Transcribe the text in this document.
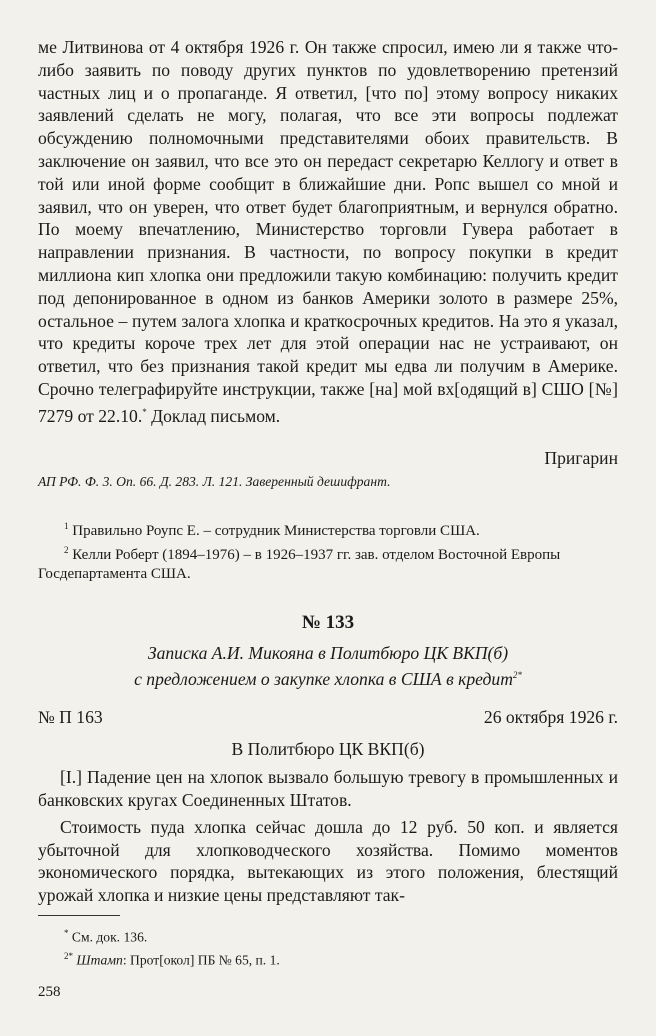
ме Литвинова от 4 октября 1926 г. Он также спросил, имею ли я также что-либо заявить по поводу других пунктов по удовлетворению претензий частных лиц и о пропаганде. Я ответил, [что по] этому вопросу никаких заявлений сделать не могу, полагая, что все эти вопросы подлежат обсуждению полномочными представителями обоих правительств. В заключение он заявил, что все это он передаст секретарю Келлогу и ответ в той или иной форме сообщит в ближайшие дни. Ропс вышел со мной и заявил, что он уверен, что ответ будет благоприятным, и вернулся обратно. По моему впечатлению, Министерство торговли Гувера работает в направлении признания. В частности, по вопросу покупки в кредит миллиона кип хлопка они предложили такую комбинацию: получить кредит под депонированное в одном из банков Америки золото в размере 25%, остальное – путем залога хлопка и краткосрочных кредитов. На это я указал, что кредиты короче трех лет для этой операции нас не устраивают, он ответил, что без признания такой кредит мы едва ли получим в Америке. Срочно телеграфируйте инструкции, также [на] мой вх[одящий в] СШО [№] 7279 от 22.10.* Доклад письмом.

Пригарин
АП РФ. Ф. 3. Оп. 66. Д. 283. Л. 121. Заверенный дешифрант.

$^1$ Правильно Роупс Е. – сотрудник Министерства торговли США.

$^2$ Келли Роберт (1894–1976) – в 1926–1937 гг. зав. отделом Восточной Европы Госдепартамента США.

№ 133
Записка А.И. Микояна в Политбюро ЦК ВКП(б)
с предложением о закупке хлопка в США в кредит$^{2*}$
№ П 163	26 октября 1926 г.
В Политбюро ЦК ВКП(б)

[I.] Падение цен на хлопок вызвало большую тревогу в промышленных и банковских кругах Соединенных Штатов.

Стоимость пуда хлопка сейчас дошла до 12 руб. 50 коп. и является убыточной для хлопководческого хозяйства. Помимо моментов экономического порядка, вытекающих из этого положения, блестящий урожай хлопка и низкие цены представляют так-

* См. док. 136.

$^{2*}$ Штамп: Прот[окол] ПБ № 65, п. 1.

258
